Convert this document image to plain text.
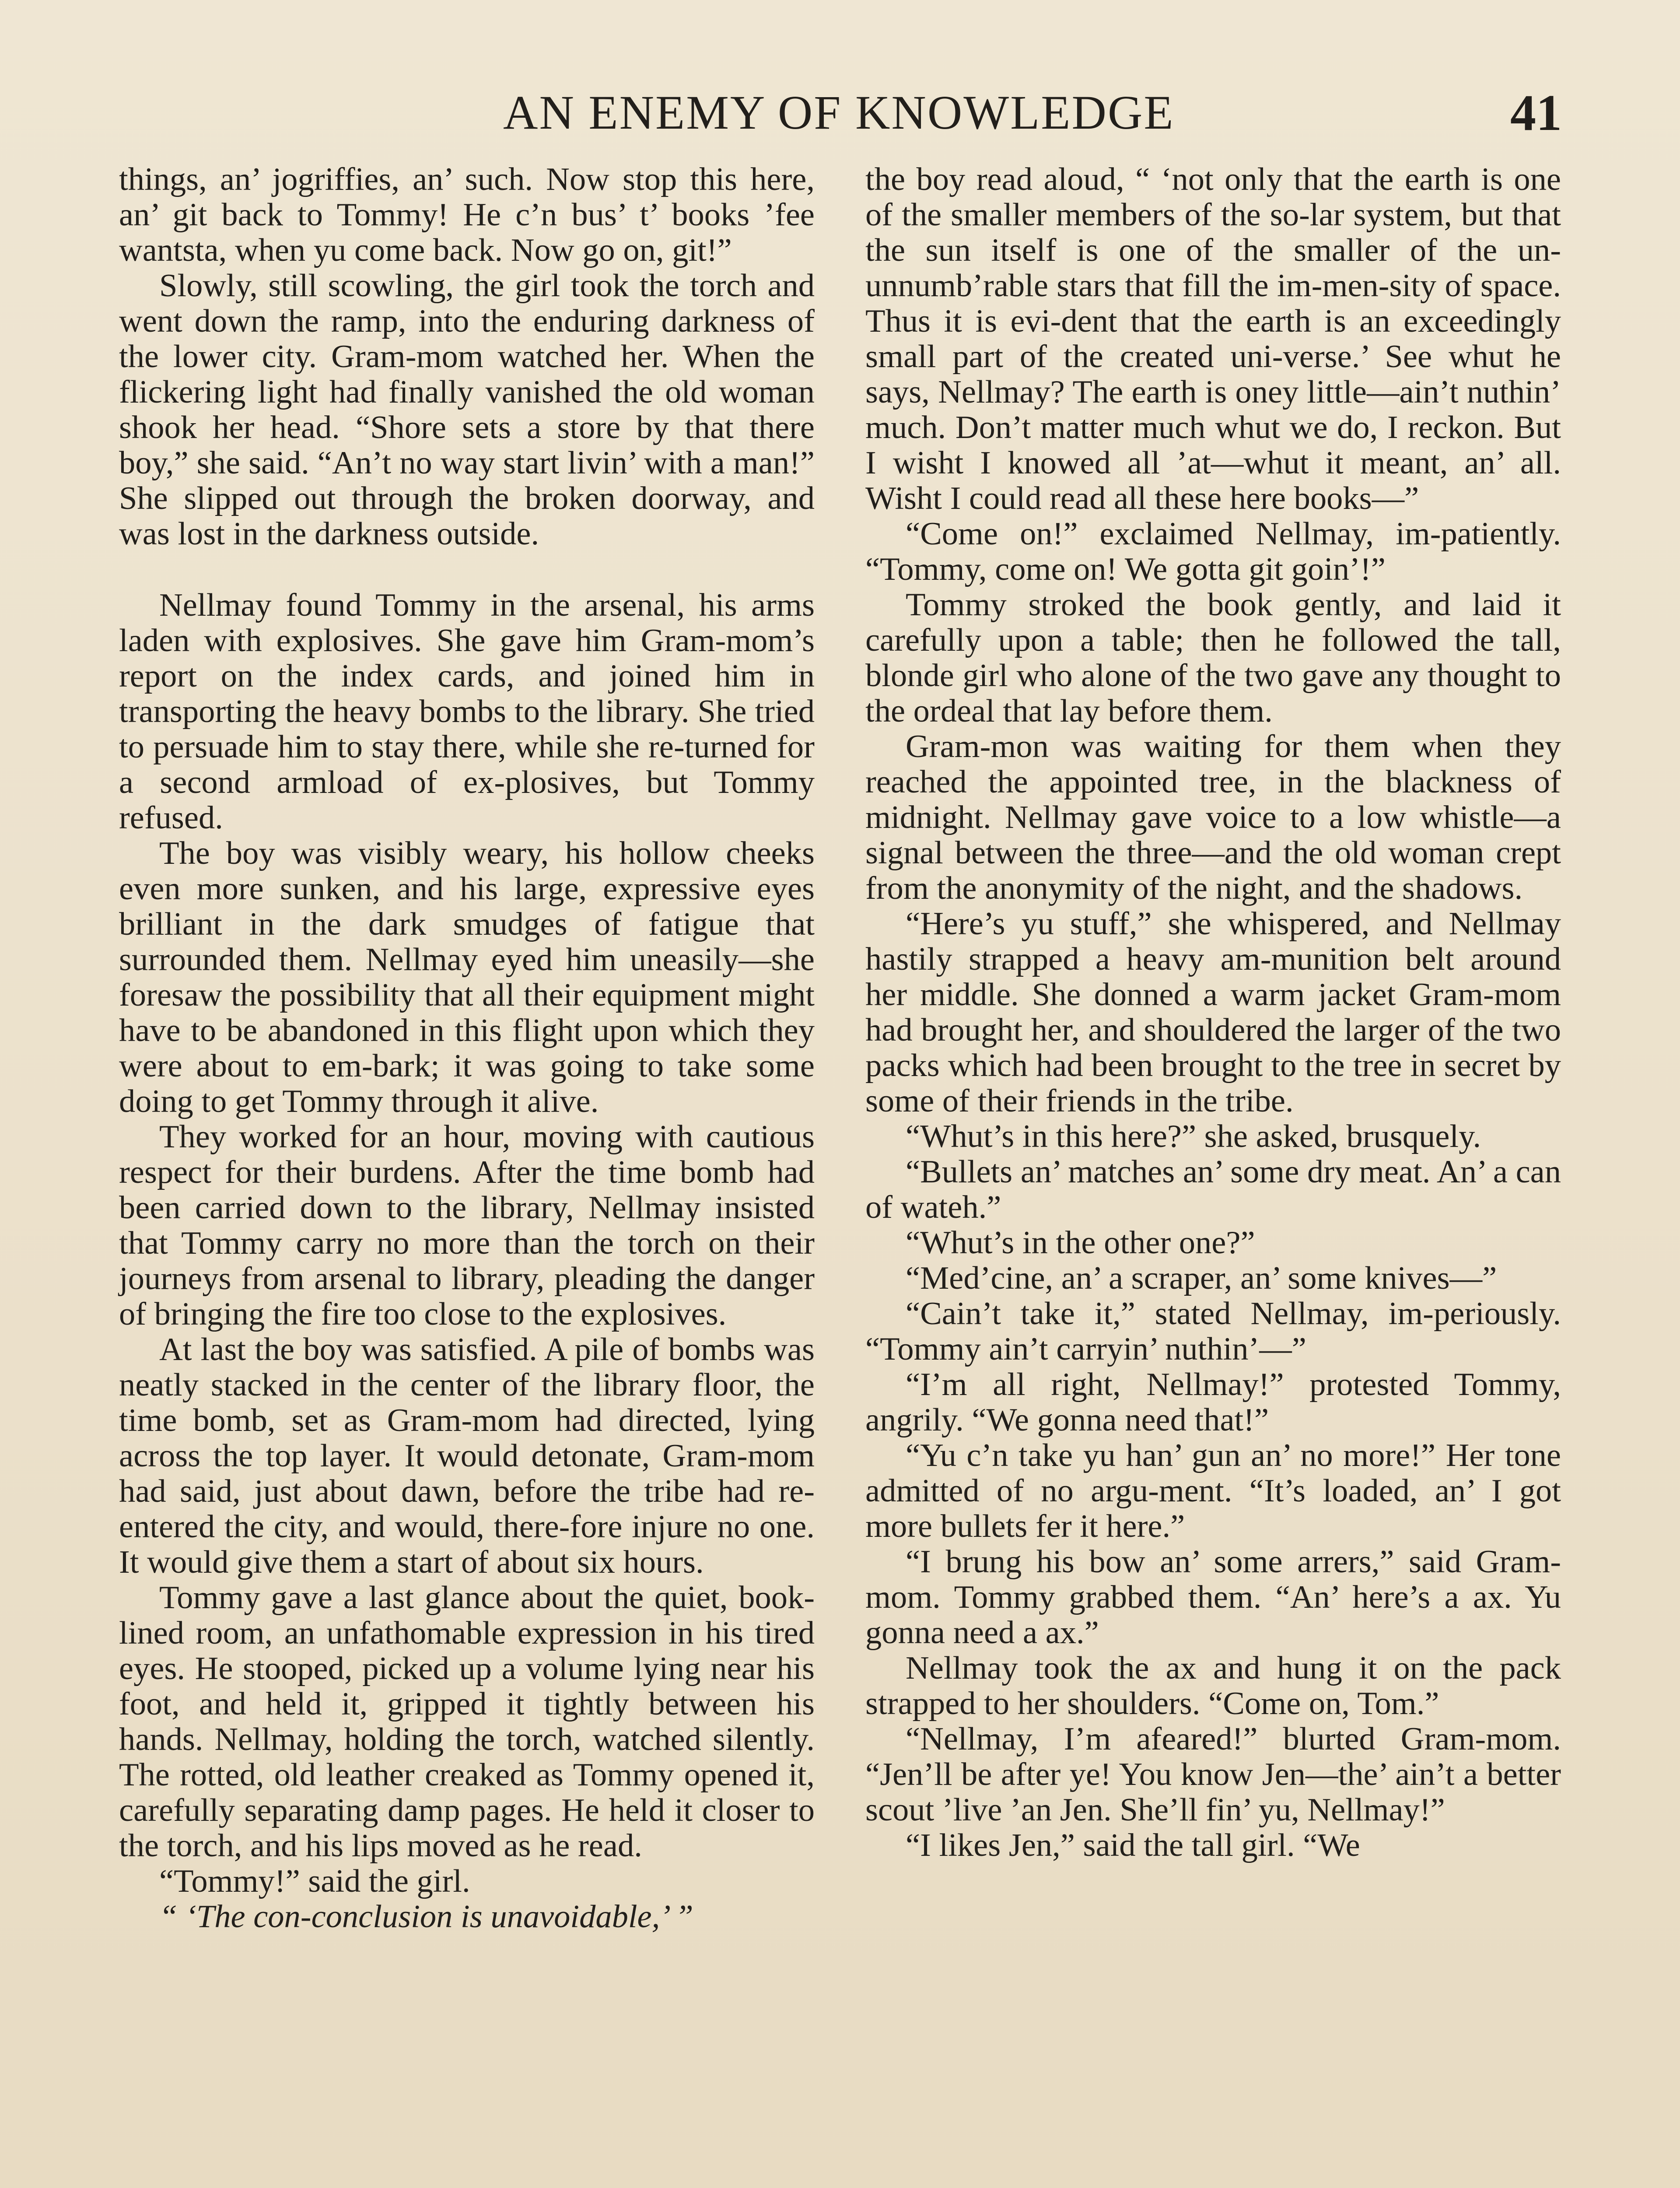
AN ENEMY OF KNOWLEDGE	41

things, an’ jogriffies, an’ such. Now stop this here, an’ git back to Tommy! He c’n bus’ t’ books ’fee wantsta, when yu come back. Now go on, git!”

Slowly, still scowling, the girl took the torch and went down the ramp, into the enduring darkness of the lower city. Gram-mom watched her. When the flickering light had finally vanished the old woman shook her head. “Shore sets a store by that there boy,” she said. “An’t no way start livin’ with a man!” She slipped out through the broken doorway, and was lost in the darkness outside.

Nellmay found Tommy in the arsenal, his arms laden with explosives. She gave him Gram-mom’s report on the index cards, and joined him in transporting the heavy bombs to the library. She tried to persuade him to stay there, while she re-turned for a second armload of ex-plosives, but Tommy refused.

The boy was visibly weary, his hollow cheeks even more sunken, and his large, expressive eyes brilliant in the dark smudges of fatigue that surrounded them. Nellmay eyed him uneasily—she foresaw the possibility that all their equipment might have to be abandoned in this flight upon which they were about to em-bark; it was going to take some doing to get Tommy through it alive.

They worked for an hour, moving with cautious respect for their burdens. After the time bomb had been carried down to the library, Nellmay insisted that Tommy carry no more than the torch on their journeys from arsenal to library, pleading the danger of bringing the fire too close to the explosives.

At last the boy was satisfied. A pile of bombs was neatly stacked in the center of the library floor, the time bomb, set as Gram-mom had directed, lying across the top layer. It would detonate, Gram-mom had said, just about dawn, before the tribe had re-entered the city, and would, there-fore injure no one. It would give them a start of about six hours.

Tommy gave a last glance about the quiet, book-lined room, an unfathomable expression in his tired eyes. He stooped, picked up a volume lying near his foot, and held it, gripped it tightly between his hands. Nellmay, holding the torch, watched silently. The rotted, old leather creaked as Tommy opened it, carefully separating damp pages. He held it closer to the torch, and his lips moved as he read.

“Tommy!” said the girl.

“ ‘The con-conclusion is unavoidable,’ ”

the boy read aloud, “ ‘not only that the earth is one of the smaller members of the so-lar system, but that the sun itself is one of the smaller of the un-unnumb’rable stars that fill the im-men-sity of space. Thus it is evi-dent that the earth is an exceedingly small part of the created uni-verse.’ See whut he says, Nellmay? The earth is oney little—ain’t nuthin’ much. Don’t matter much whut we do, I reckon. But I wisht I knowed all ’at—whut it meant, an’ all. Wisht I could read all these here books—”

“Come on!” exclaimed Nellmay, im-patiently. “Tommy, come on! We gotta git goin’!”

Tommy stroked the book gently, and laid it carefully upon a table; then he followed the tall, blonde girl who alone of the two gave any thought to the ordeal that lay before them.

Gram-mon was waiting for them when they reached the appointed tree, in the blackness of midnight. Nellmay gave voice to a low whistle—a signal between the three—and the old woman crept from the anonymity of the night, and the shadows.

“Here’s yu stuff,” she whispered, and Nellmay hastily strapped a heavy am-munition belt around her middle. She donned a warm jacket Gram-mom had brought her, and shouldered the larger of the two packs which had been brought to the tree in secret by some of their friends in the tribe.

“Whut’s in this here?” she asked, brusquely.

“Bullets an’ matches an’ some dry meat. An’ a can of wateh.”

“Whut’s in the other one?”

“Med’cine, an’ a scraper, an’ some knives—”

“Cain’t take it,” stated Nellmay, im-periously. “Tommy ain’t carryin’ nuthin’—”

“I’m all right, Nellmay!” protested Tommy, angrily. “We gonna need that!”

“Yu c’n take yu han’ gun an’ no more!” Her tone admitted of no argu-ment. “It’s loaded, an’ I got more bullets fer it here.”

“I brung his bow an’ some arrers,” said Gram-mom. Tommy grabbed them. “An’ here’s a ax. Yu gonna need a ax.”

Nellmay took the ax and hung it on the pack strapped to her shoulders. “Come on, Tom.”

“Nellmay, I’m afeared!” blurted Gram-mom. “Jen’ll be after ye! You know Jen—the’ ain’t a better scout ’live ’an Jen. She’ll fin’ yu, Nellmay!”

“I likes Jen,” said the tall girl. “We
